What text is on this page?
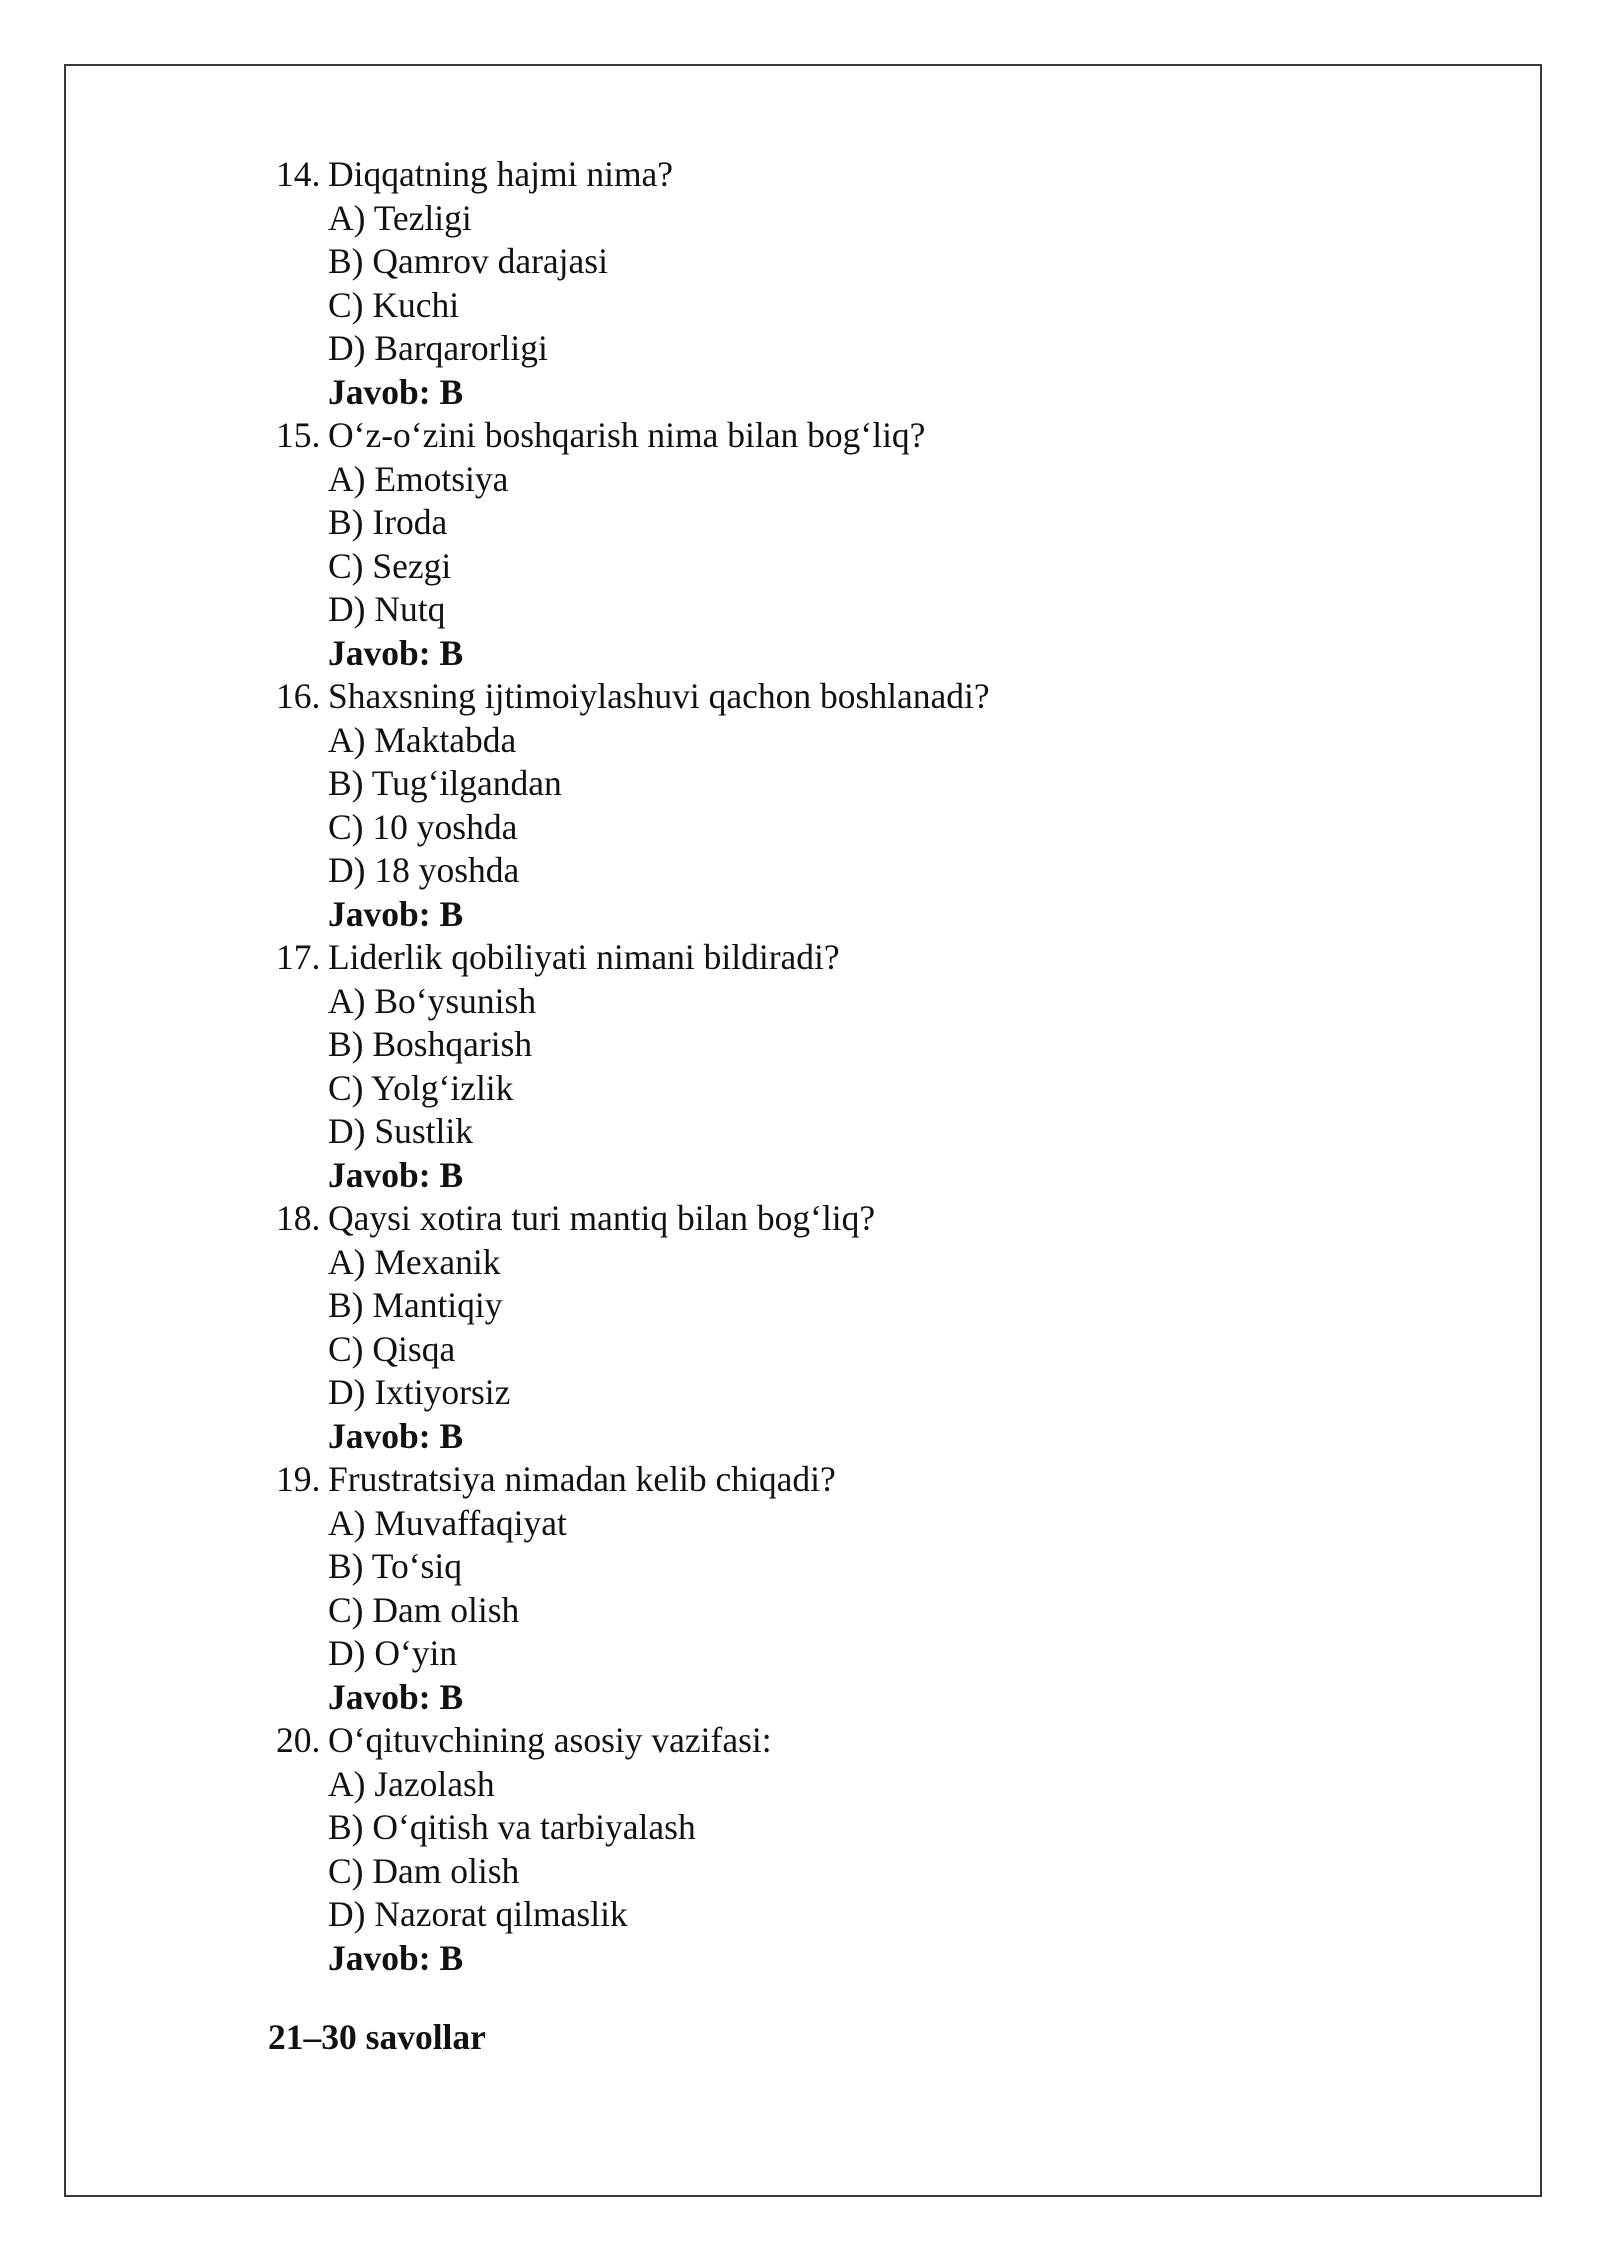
14. Diqqatning hajmi nima?
A) Tezligi
B) Qamrov darajasi
C) Kuchi
D) Barqarorligi
Javob: B
15. O‘z-o‘zini boshqarish nima bilan bog‘liq?
A) Emotsiya
B) Iroda
C) Sezgi
D) Nutq
Javob: B
16. Shaxsning ijtimoiylashuvi qachon boshlanadi?
A) Maktabda
B) Tug‘ilgandan
C) 10 yoshda
D) 18 yoshda
Javob: B
17. Liderlik qobiliyati nimani bildiradi?
A) Bo‘ysunish
B) Boshqarish
C) Yolg‘izlik
D) Sustlik
Javob: B
18. Qaysi xotira turi mantiq bilan bog‘liq?
A) Mexanik
B) Mantiqiy
C) Qisqa
D) Ixtiyorsiz
Javob: B
19. Frustratsiya nimadan kelib chiqadi?
A) Muvaffaqiyat
B) To‘siq
C) Dam olish
D) O‘yin
Javob: B
20. O‘qituvchining asosiy vazifasi:
A) Jazolash
B) O‘qitish va tarbiyalash
C) Dam olish
D) Nazorat qilmaslik
Javob: B
21–30 savollar
